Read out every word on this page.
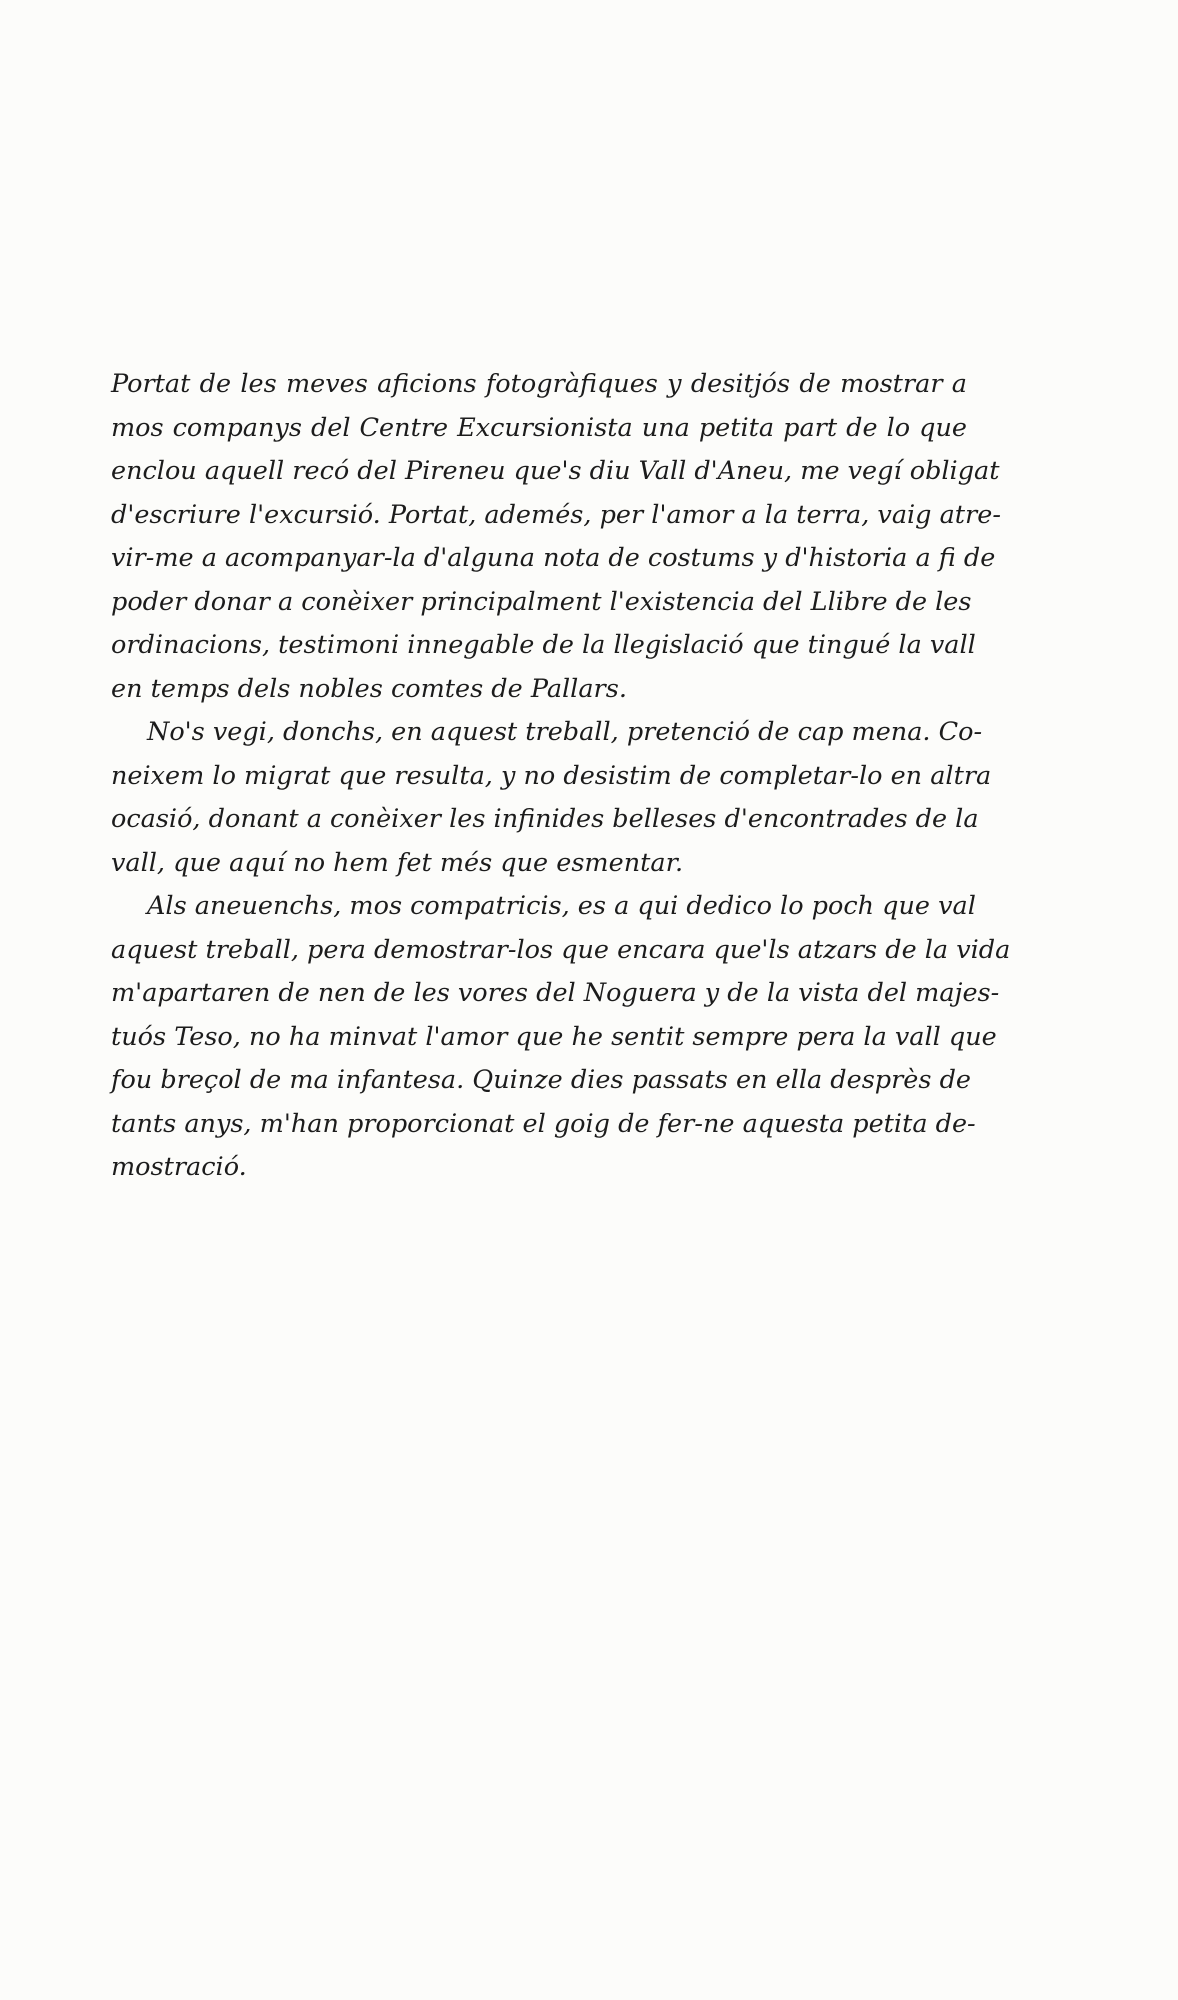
Portat de les meves aficions fotogràfiques y desitjós de mostrar a
mos companys del Centre Excursionista una petita part de lo que
enclou aquell recó del Pireneu que's diu Vall d'Aneu, me vegí obligat
d'escriure l'excursió. Portat, ademés, per l'amor a la terra, vaig atre-
vir-me a acompanyar-la d'alguna nota de costums y d'historia a fi de
poder donar a conèixer principalment l'existencia del Llibre de les
ordinacions, testimoni innegable de la llegislació que tingué la vall
en temps dels nobles comtes de Pallars.
No's vegi, donchs, en aquest treball, pretenció de cap mena. Co-
neixem lo migrat que resulta, y no desistim de completar-lo en altra
ocasió, donant a conèixer les infinides belleses d'encontrades de la
vall, que aquí no hem fet més que esmentar.
Als aneuenchs, mos compatricis, es a qui dedico lo poch que val
aquest treball, pera demostrar-los que encara que'ls atzars de la vida
m'apartaren de nen de les vores del Noguera y de la vista del majes-
tuós Teso, no ha minvat l'amor que he sentit sempre pera la vall que
fou breçol de ma infantesa. Quinze dies passats en ella desprès de
tants anys, m'han proporcionat el goig de fer-ne aquesta petita de-
mostració.
